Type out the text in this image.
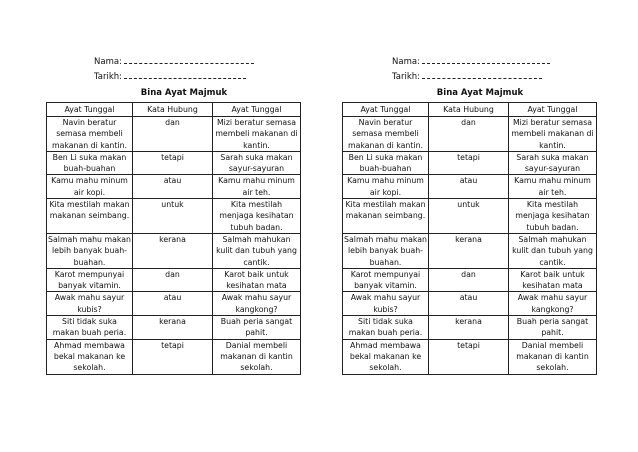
Nama:
Tarikh:
Bina Ayat Majmuk
Ayat Tunggal	Kata Hubung	Ayat Tunggal
Navin beratur semasa membeli makanan di kantin.	dan	Mizi beratur semasa membeli makanan di kantin.
Ben Li suka makan buah-buahan	tetapi	Sarah suka makan sayur-sayuran
Kamu mahu minum air kopi.	atau	Kamu mahu minum air teh.
Kita mestilah makan makanan seimbang.	untuk	Kita mestilah menjaga kesihatan tubuh badan.
Salmah mahu makan lebih banyak buah-buahan.	kerana	Salmah mahukan kulit dan tubuh yang cantik.
Karot mempunyai banyak vitamin.	dan	Karot baik untuk kesihatan mata
Awak mahu sayur kubis?	atau	Awak mahu sayur kangkong?
Siti tidak suka makan buah peria.	kerana	Buah peria sangat pahit.
Ahmad membawa bekal makanan ke sekolah.	tetapi	Danial membeli makanan di kantin sekolah.
Nama:
Tarikh:
Bina Ayat Majmuk
Ayat Tunggal	Kata Hubung	Ayat Tunggal
Navin beratur semasa membeli makanan di kantin.	dan	Mizi beratur semasa membeli makanan di kantin.
Ben Li suka makan buah-buahan	tetapi	Sarah suka makan sayur-sayuran
Kamu mahu minum air kopi.	atau	Kamu mahu minum air teh.
Kita mestilah makan makanan seimbang.	untuk	Kita mestilah menjaga kesihatan tubuh badan.
Salmah mahu makan lebih banyak buah-buahan.	kerana	Salmah mahukan kulit dan tubuh yang cantik.
Karot mempunyai banyak vitamin.	dan	Karot baik untuk kesihatan mata
Awak mahu sayur kubis?	atau	Awak mahu sayur kangkong?
Siti tidak suka makan buah peria.	kerana	Buah peria sangat pahit.
Ahmad membawa bekal makanan ke sekolah.	tetapi	Danial membeli makanan di kantin sekolah.
